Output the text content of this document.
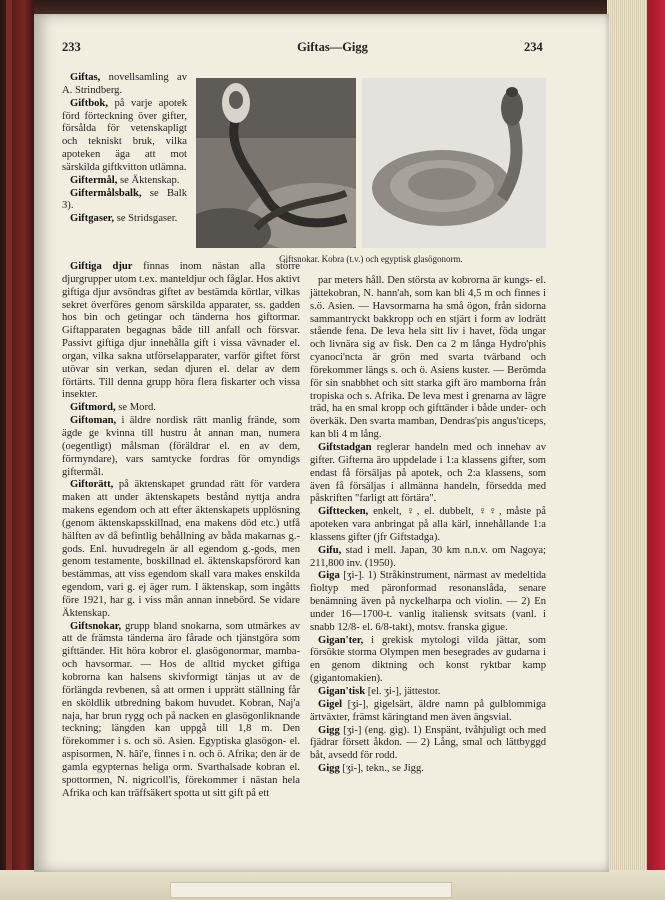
233	Giftas—Gigg	234
Giftsnokar. Kobra (t.v.) och egyptisk glasögonorm.

Giftas, novellsamling av A. Strindberg.

Giftbok, på varje apotek förd förteckning över gifter, försålda för vetenskapligt och tekniskt bruk, vilka apoteken äga att mot särskilda giftkvitton utlämna.

Giftermål, se Äktenskap.

Giftermålsbalk, se Balk 3).

Giftgaser, se Stridsgaser.

Giftiga djur finnas inom nästan alla större djurgrupper utom t.ex. manteldjur och fåglar. Hos aktivt giftiga djur avsöndras giftet av bestämda körtlar, vilkas sekret överföres genom särskilda apparater, ss. gadden hos bin och getingar och tänderna hos giftormar. Giftapparaten begagnas både till anfall och försvar. Passivt giftiga djur innehålla gift i vissa vävnader el. organ, vilka sakna utförselapparater, varför giftet först utövar sin verkan, sedan djuren el. delar av dem förtärts. Till denna grupp höra flera fiskarter och vissa insekter.

Giftmord, se Mord.

Giftoman, i äldre nordisk rätt manlig frände, som ägde ge kvinna till hustru åt annan man, numera (oegentligt) målsman (föräldrar el. en av dem, förmyndare), vars samtycke fordras för omyndigs giftermål.

Giftorätt, på äktenskapet grundad rätt för vardera maken att under äktenskapets bestånd nyttja andra makens egendom och att efter äktenskapets upplösning (genom äktenskapsskillnad, ena makens död etc.) utfå hälften av då befintlig behållning av båda makarnas g.-gods. Enl. huvudregeln är all egendom g.-gods, men genom testamente, boskillnad el. äktenskapsförord kan bestämmas, att viss egendom skall vara makes enskilda egendom, vari g. ej äger rum. I äktenskap, som ingåtts före 1921, har g. i viss mån annan innebörd. Se vidare Äktenskap.

Giftsnokar, grupp bland snokarna, som utmärkes av att de främsta tänderna äro fårade och tjänstgöra som gifttänder. Hit höra kobror el. glasögonormar, mamba- och havsormar. — Hos de alltid mycket giftiga kobrorna kan halsens skivformigt tänjas ut av de förlängda revbenen, så att ormen i upprätt ställning får en sköldlik utbredning bakom huvudet. Kobran, Naj'a naja, har brun rygg och på nacken en glasögonliknande teckning; längden kan uppgå till 1,8 m. Den förekommer i s. och sö. Asien. Egyptiska glasögon- el. aspisormen, N. hâi'e, finnes i n. och ö. Afrika; den är de gamla egypternas heliga orm. Svarthalsade kobran el. spottormen, N. nigricoll'is, förekommer i nästan hela Afrika och kan träffsäkert spotta ut sitt gift på ett

par meters håll. Den största av kobrorna är kungs- el. jättekobran, N. hann'ah, som kan bli 4,5 m och finnes i s.ö. Asien. — Havsormarna ha små ögon, från sidorna sammantryckt bakkropp och en stjärt i form av lodrätt stående fena. De leva hela sitt liv i havet, föda ungar och livnära sig av fisk. Den ca 2 m långa Hydro'phis cyanoci'ncta är grön med svarta tvärband och förekommer längs s. och ö. Asiens kuster. — Berömda för sin snabbhet och sitt starka gift äro mamborna från tropiska och s. Afrika. De leva mest i grenarna av lägre träd, ha en smal kropp och gifttänder i både under- och överkäk. Den svarta mamban, Dendras'pis angus'ticeps, kan bli 4 m lång.

Giftstadgan reglerar handeln med och innehav av gifter. Gifterna äro uppdelade i 1:a klassens gifter, som endast få försäljas på apotek, och 2:a klassens, som även få försäljas i allmänna handeln, försedda med påskriften "farligt att förtära".

Gifttecken, enkelt, ♀, el. dubbelt, ♀♀, måste på apoteken vara anbringat på alla kärl, innehållande 1:a klassens gifter (jfr Giftstadga).

Gifu, stad i mell. Japan, 30 km n.n.v. om Nagoya; 211,800 inv. (1950).

Giga [ʒi-]. 1) Stråkinstrument, närmast av medeltida fioltyp med päronformad resonanslåda, senare benämning även på nyckelharpa och violin. — 2) En under 16—1700-t. vanlig italiensk svitsats (vanl. i snabb 12/8- el. 6/8-takt), motsv. franska gigue.

Gigan'ter, i grekisk mytologi vilda jättar, som försökte storma Olympen men besegrades av gudarna i en genom diktning och konst ryktbar kamp (gigantomakien).

Gigan'tisk [el. ʒi-], jättestor.

Gigel [ʒi-], gigelsärt, äldre namn på gulblommiga ärtväxter, främst käringtand men även ängsvial.

Gigg [ʒi-] (eng. gig). 1) Enspänt, tvåhjuligt och med fjädrar försett åkdon. — 2) Lång, smal och lättbyggd båt, avsedd för rodd.

Gigg [ʒi-], tekn., se Jigg.
